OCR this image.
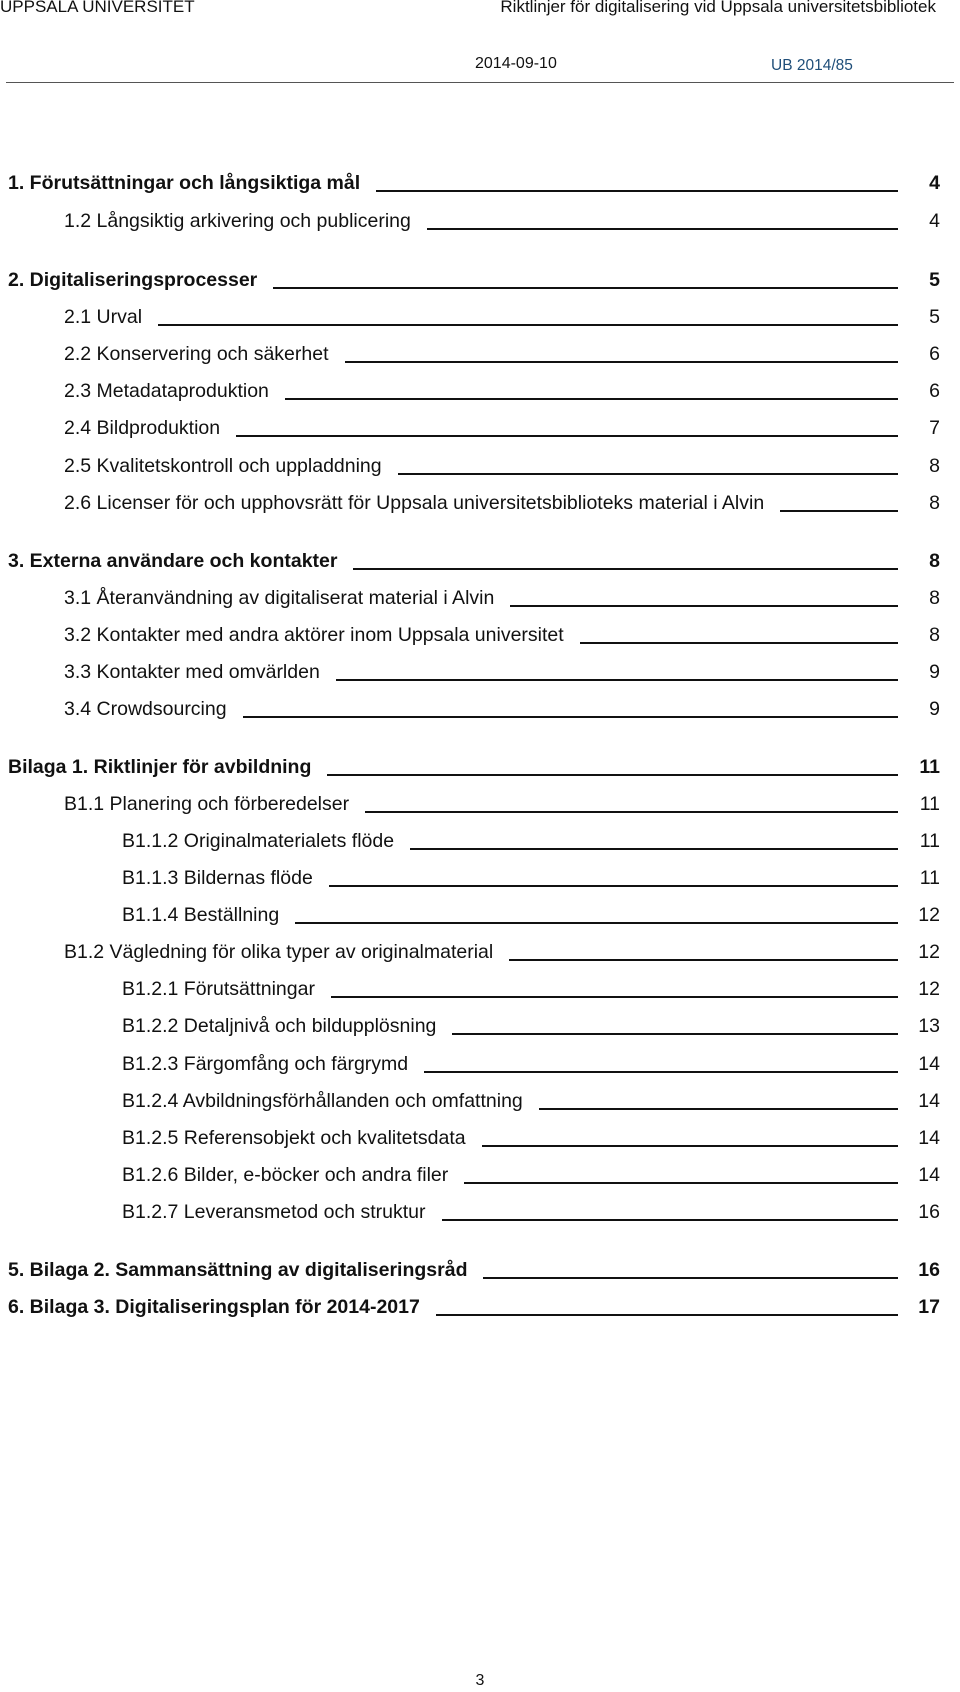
UPPSALA UNIVERSITET	Riktlinjer för digitalisering vid Uppsala universitetsbibliotek
2014-09-10	UB 2014/85
1. Förutsättningar och långsiktiga mål	4
1.2 Långsiktig arkivering och publicering	4
2. Digitaliseringsprocesser	5
2.1 Urval	5
2.2 Konservering och säkerhet	6
2.3 Metadataproduktion	6
2.4 Bildproduktion	7
2.5 Kvalitetskontroll och uppladdning	8
2.6 Licenser för och upphovsrätt för Uppsala universitetsbiblioteks material i Alvin	8
3. Externa användare och kontakter	8
3.1 Återanvändning av digitaliserat material i Alvin	8
3.2 Kontakter med andra aktörer inom Uppsala universitet	8
3.3 Kontakter med omvärlden	9
3.4 Crowdsourcing	9
Bilaga 1. Riktlinjer för avbildning	11
B1.1 Planering och förberedelser	11
B1.1.2 Originalmaterialets flöde	11
B1.1.3 Bildernas flöde	11
B1.1.4 Beställning	12
B1.2 Vägledning för olika typer av originalmaterial	12
B1.2.1 Förutsättningar	12
B1.2.2 Detaljnivå och bildupplösning	13
B1.2.3 Färgomfång och färgrymd	14
B1.2.4 Avbildningsförhållanden och omfattning	14
B1.2.5 Referensobjekt och kvalitetsdata	14
B1.2.6 Bilder, e-böcker och andra filer	14
B1.2.7 Leveransmetod och struktur	16
5. Bilaga 2. Sammansättning av digitaliseringsråd	16
6. Bilaga 3. Digitaliseringsplan för 2014-2017	17
3
